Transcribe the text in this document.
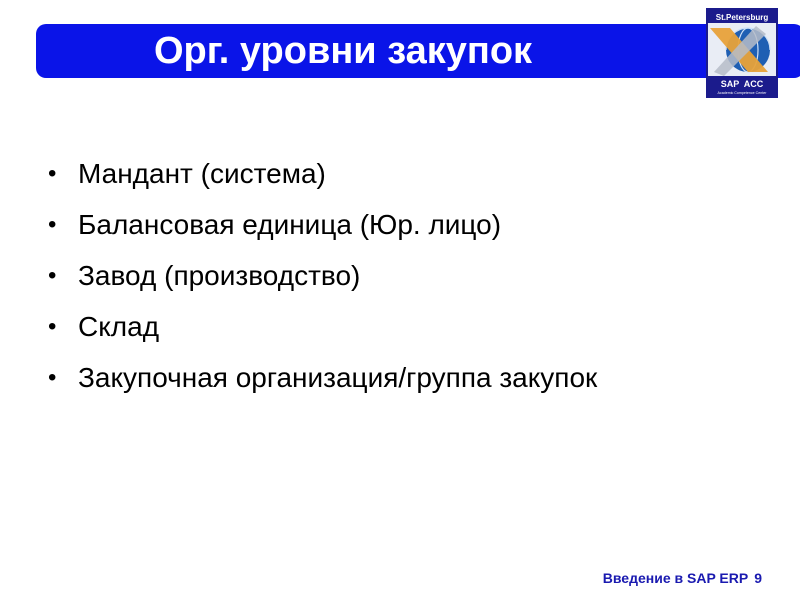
Орг. уровни закупок
St.Petersburg
SAP  ACC
Academic Competence Center
• Мандант (система)
• Балансовая единица (Юр. лицо)
• Завод (производство)
• Склад
• Закупочная организация/группа закупок
Введение в SAP ERP 9
